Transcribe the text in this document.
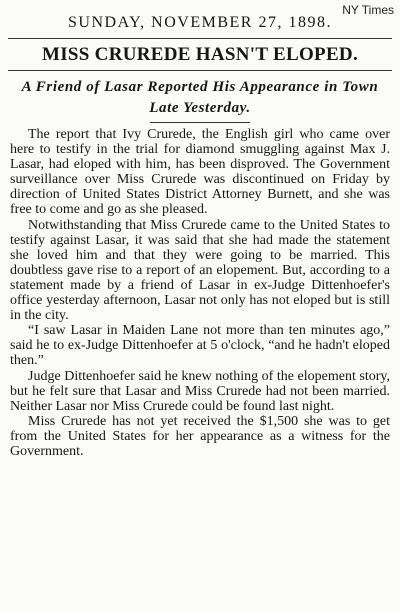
NY Times
SUNDAY, NOVEMBER 27, 1898.
MISS CRUREDE HASN'T ELOPED.
A Friend of Lasar Reported His Appearance in Town Late Yesterday.

The report that Ivy Crurede, the English girl who came over here to testify in the trial for diamond smuggling against Max J. Lasar, had eloped with him, has been disproved. The Government surveillance over Miss Crurede was discontinued on Friday by direction of United States District Attorney Burnett, and she was free to come and go as she pleased.

Notwithstanding that Miss Crurede came to the United States to testify against Lasar, it was said that she had made the statement she loved him and that they were going to be married. This doubtless gave rise to a report of an elopement. But, according to a statement made by a friend of Lasar in ex-Judge Dittenhoefer's office yesterday afternoon, Lasar not only has not eloped but is still in the city.

“I saw Lasar in Maiden Lane not more than ten minutes ago,” said he to ex-Judge Dittenhoefer at 5 o'clock, “and he hadn't eloped then.”

Judge Dittenhoefer said he knew nothing of the elopement story, but he felt sure that Lasar and Miss Crurede had not been married. Neither Lasar nor Miss Crurede could be found last night.

Miss Crurede has not yet received the $1,500 she was to get from the United States for her appearance as a witness for the Government.
